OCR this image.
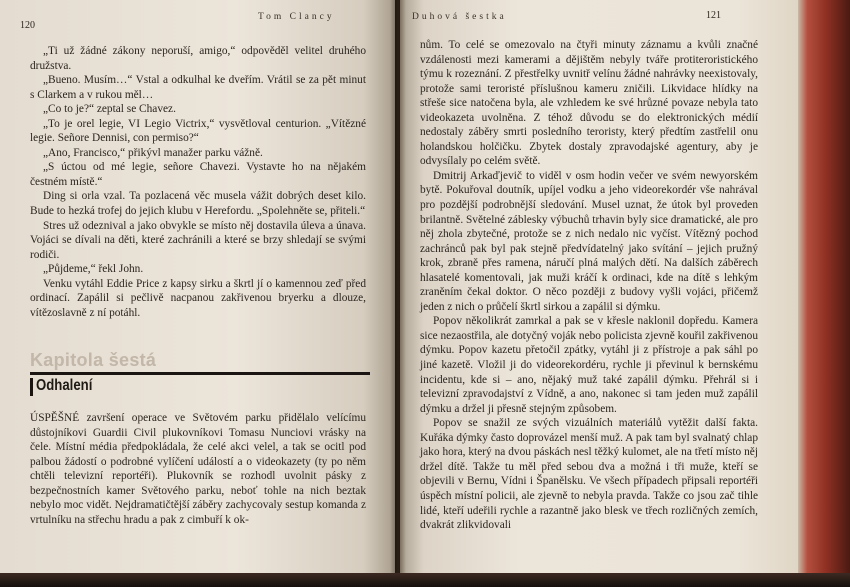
120
Tom Clancy

„Ti už žádné zákony neporuší, amigo,“ odpověděl velitel druhého družstva.

„Bueno. Musím…“ Vstal a odkulhal ke dveřím. Vrátil se za pět minut s Clarkem a v rukou měl…

„Co to je?“ zeptal se Chavez.

„To je orel legie, VI Legio Victrix,“ vysvětloval centurion. „Vítězné legie. Señore Dennisi, con permiso?“

„Ano, Francisco,“ přikývl manažer parku vážně.

„S úctou od mé legie, señore Chavezi. Vystavte ho na nějakém čestném místě.“

Ding si orla vzal. Ta pozlacená věc musela vážit dobrých deset kilo. Bude to hezká trofej do jejich klubu v Herefordu. „Spolehněte se, přiteli.“

Stres už odeznival a jako obvykle se místo něj dostavila úleva a únava. Vojáci se dívali na děti, které zachránili a které se brzy shledají se svými rodiči.

„Půjdeme,“ řekl John.

Venku vytáhl Eddie Price z kapsy sirku a škrtl jí o kamennou zeď před ordinací. Zapálil si pečlivě nacpanou zakřivenou bryerku a dlouze, vítězoslavně z ní potáhl.

Kapitola šestá
Odhalení

ÚSPĚŠNÉ završení operace ve Světovém parku přidělalo velícímu důstojníkovi Guardii Civil plukovníkovi Tomasu Nunciovi vrásky na čele. Místní média předpokládala, že celé akci velel, a tak se ocitl pod palbou žádostí o podrobné vylíčení událostí a o videokazety (ty po něm chtěli televizní reportéři). Plukovník se rozhodl uvolnit pásky z bezpečnostních kamer Světového parku, neboť tohle na nich beztak nebylo moc vidět. Nejdramatičtější záběry zachycovaly sestup komanda z vrtulníku na střechu hradu a pak z cimbuří k ok-

Duhová šestka	121

nům. To celé se omezovalo na čtyři minuty záznamu a kvůli značné vzdálenosti mezi kamerami a dějištěm nebyly tváře protiteroristického týmu k rozeznání. Z přestřelky uvnitř velínu žádné nahrávky neexistovaly, protože sami teroristé příslušnou kameru zničili. Likvidace hlídky na střeše sice natočena byla, ale vzhledem ke své hrůzné povaze nebyla tato videokazeta uvolněna. Z téhož důvodu se do elektronických médií nedostaly záběry smrti posledního teroristy, který předtím zastřelil onu holandskou holčičku. Zbytek dostaly zpravodajské agentury, aby je odvysílaly po celém světě.

Dmitrij Arkaďjevič to viděl v osm hodin večer ve svém newyorském bytě. Pokuřoval doutník, upíjel vodku a jeho videorekordér vše nahrával pro pozdější podrobnější sledování. Musel uznat, že útok byl proveden brilantně. Světelné záblesky výbuchů trhavin byly sice dramatické, ale pro něj zhola zbytečné, protože se z nich nedalo nic vyčíst. Vítězný pochod zachránců pak byl pak stejně předvídatelný jako svítání – jejich pružný krok, zbraně přes ramena, náručí plná malých dětí. Na dalších záběrech hlasatelé komentovali, jak muži kráčí k ordinaci, kde na dítě s lehkým zraněním čekal doktor. O něco později z budovy vyšli vojáci, přičemž jeden z nich o průčelí škrtl sirkou a zapálil si dýmku.

Popov několikrát zamrkal a pak se v křesle naklonil dopředu. Kamera sice nezaostřila, ale dotyčný voják nebo policista zjevně kouřil zakřivenou dýmku. Popov kazetu přetočil zpátky, vytáhl ji z přístroje a pak sáhl po jiné kazetě. Vložil ji do videorekordéru, rychle ji převinul k bernskému incidentu, kde si – ano, nějaký muž také zapálil dýmku. Přehrál si i televizní zpravodajství z Vídně, a ano, nakonec si tam jeden muž zapálil dýmku a držel ji přesně stejným způsobem.

Popov se snažil ze svých vizuálních materiálů vytěžit další fakta. Kuřáka dýmky často doprovázel menší muž. A pak tam byl svalnatý chlap jako hora, který na dvou páskách nesl těžký kulomet, ale na třetí místo něj držel dítě. Takže tu měl před sebou dva a možná i tři muže, kteří se objevili v Bernu, Vídni i Španělsku. Ve všech případech připsali reportéři úspěch místní policii, ale zjevně to nebyla pravda. Takže co jsou zač tihle lidé, kteří udeřili rychle a razantně jako blesk ve třech rozličných zemích, dvakrát zlikvidovali
